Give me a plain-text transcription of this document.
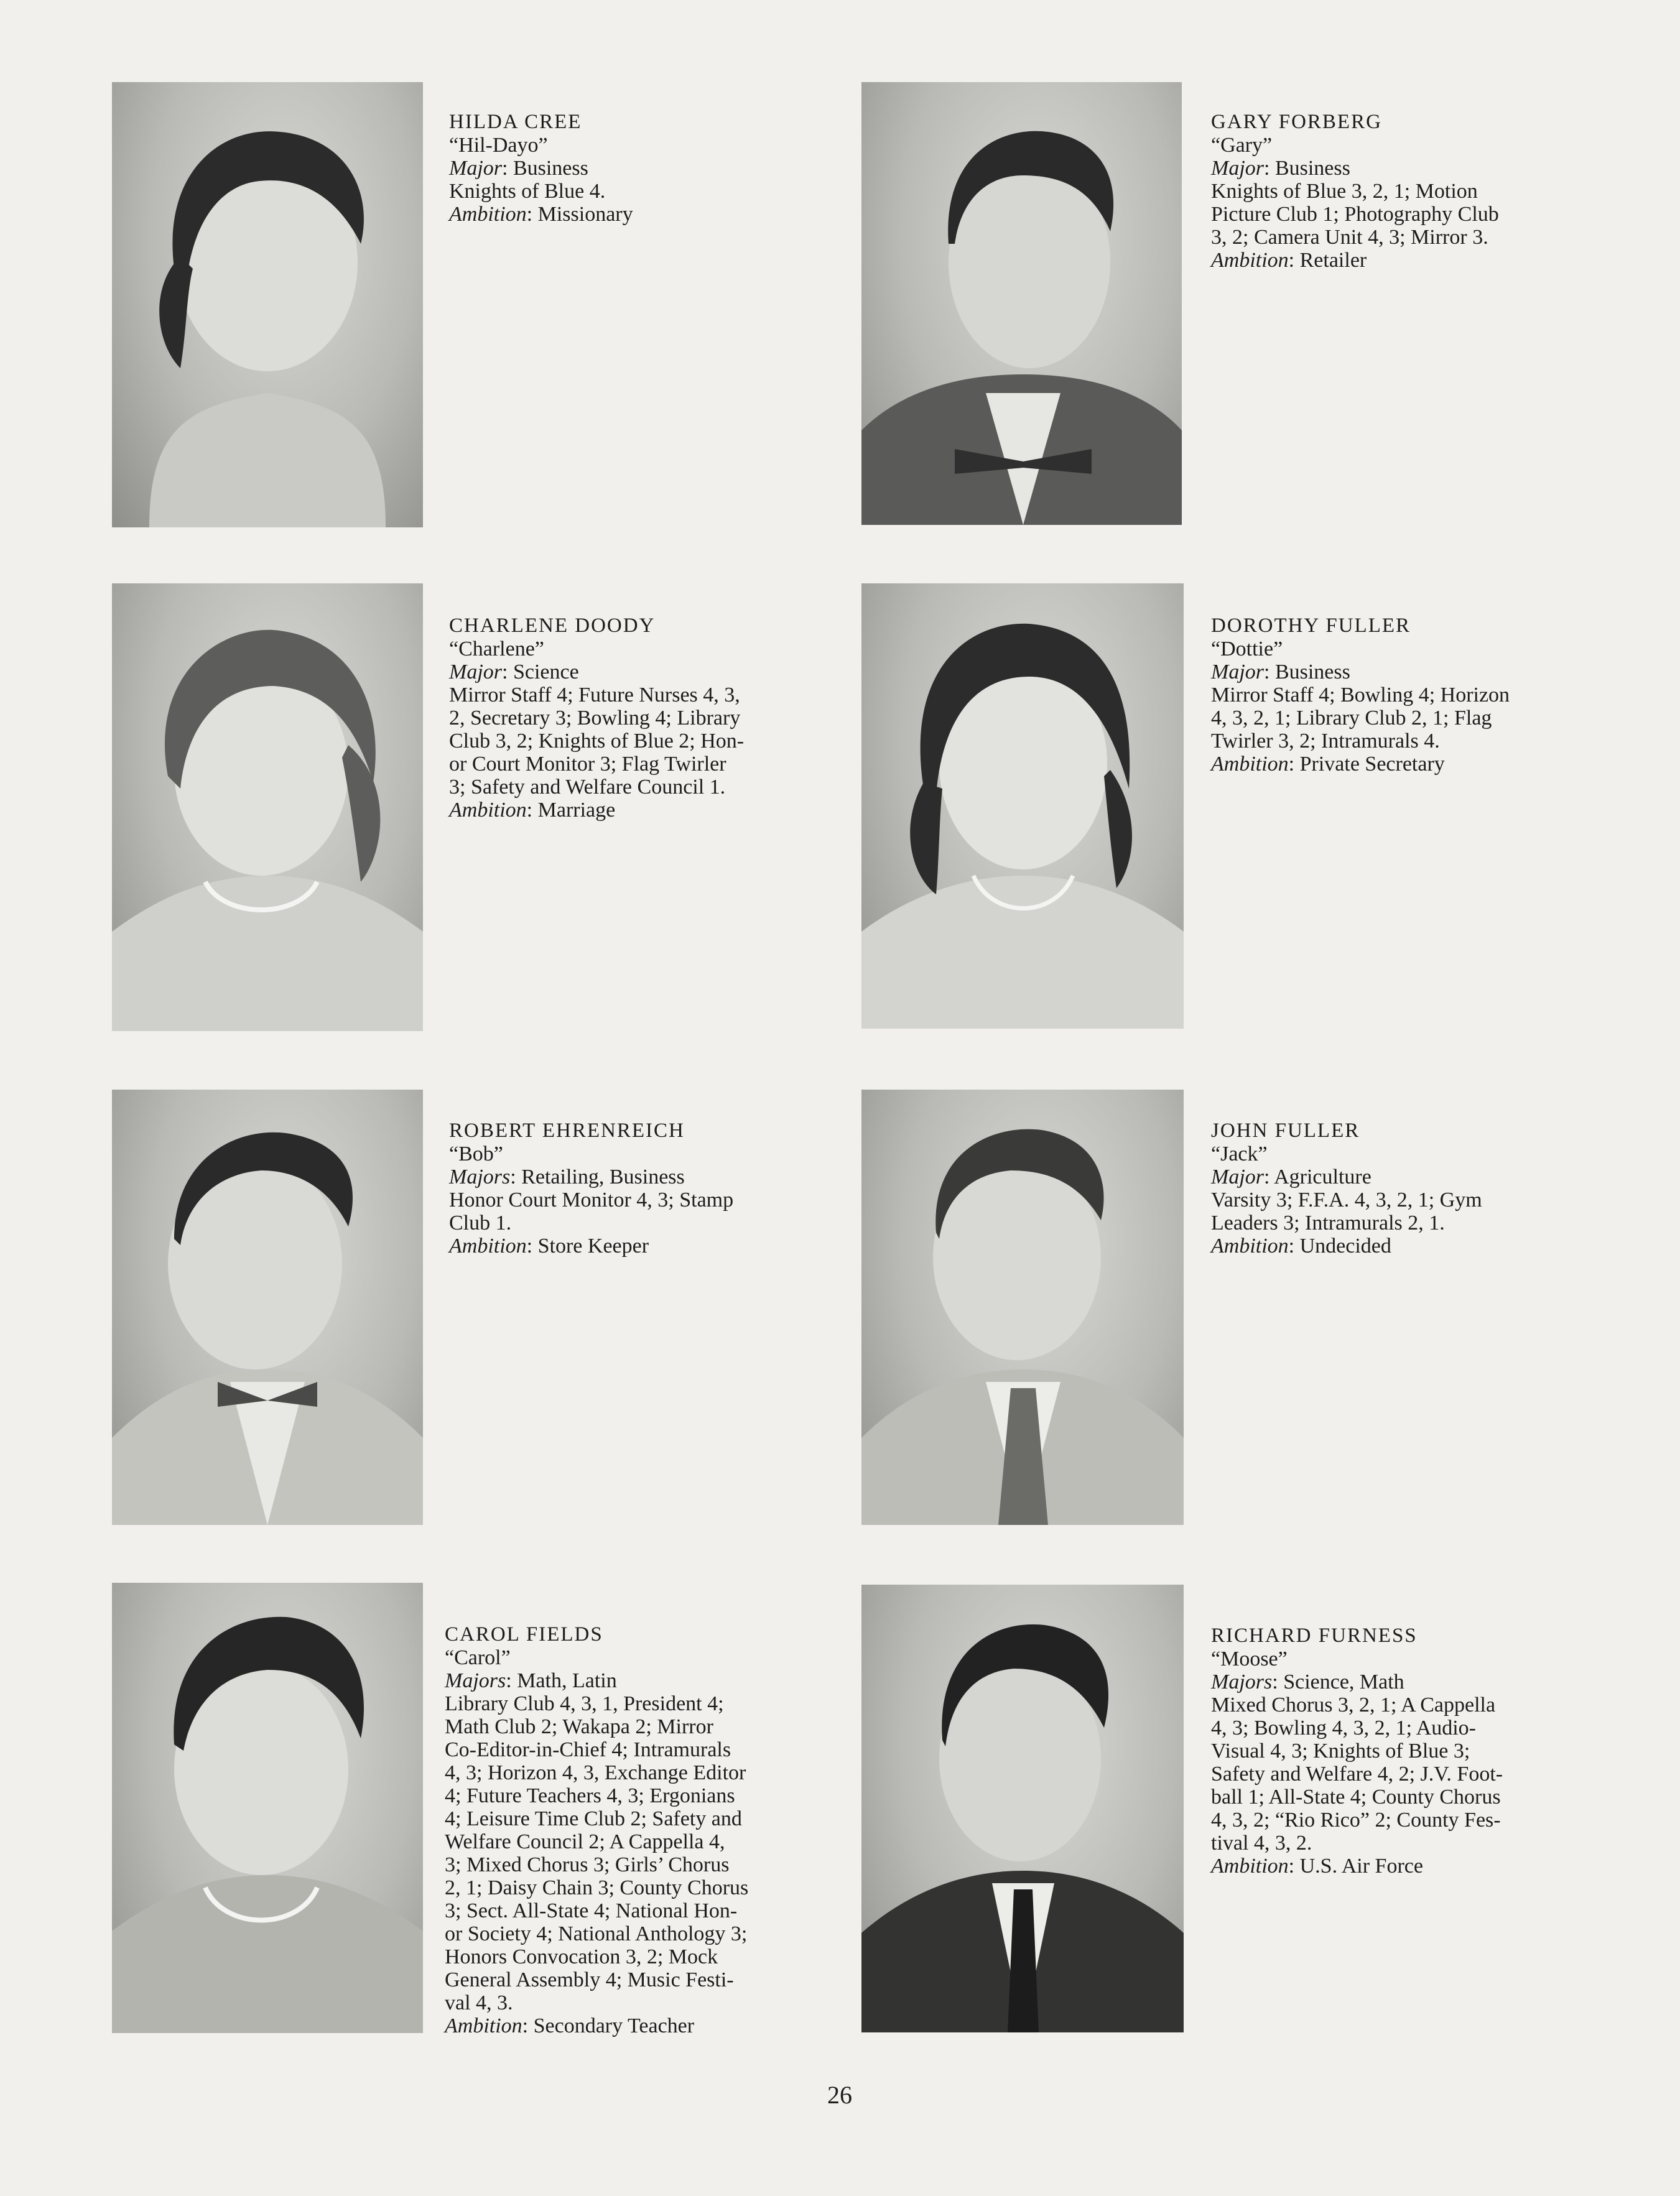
HILDA CREE
“Hil-Dayo”
Major: Business
Knights of Blue 4.
Ambition: Missionary
GARY FORBERG
“Gary”
Major: Business
Knights of Blue 3, 2, 1; Motion
Picture Club 1; Photography Club
3, 2; Camera Unit 4, 3; Mirror 3.
Ambition: Retailer
CHARLENE DOODY
“Charlene”
Major: Science
Mirror Staff 4; Future Nurses 4, 3,
2, Secretary 3; Bowling 4; Library
Club 3, 2; Knights of Blue 2; Hon-
or Court Monitor 3; Flag Twirler
3; Safety and Welfare Council 1.
Ambition: Marriage
DOROTHY FULLER
“Dottie”
Major: Business
Mirror Staff 4; Bowling 4; Horizon
4, 3, 2, 1; Library Club 2, 1; Flag
Twirler 3, 2; Intramurals 4.
Ambition: Private Secretary
ROBERT EHRENREICH
“Bob”
Majors: Retailing, Business
Honor Court Monitor 4, 3; Stamp
Club 1.
Ambition: Store Keeper
JOHN FULLER
“Jack”
Major: Agriculture
Varsity 3; F.F.A. 4, 3, 2, 1; Gym
Leaders 3; Intramurals 2, 1.
Ambition: Undecided
CAROL FIELDS
“Carol”
Majors: Math, Latin
Library Club 4, 3, 1, President 4;
Math Club 2; Wakapa 2; Mirror
Co-Editor-in-Chief 4; Intramurals
4, 3; Horizon 4, 3, Exchange Editor
4; Future Teachers 4, 3; Ergonians
4; Leisure Time Club 2; Safety and
Welfare Council 2; A Cappella 4,
3; Mixed Chorus 3; Girls’ Chorus
2, 1; Daisy Chain 3; County Chorus
3; Sect. All-State 4; National Hon-
or Society 4; National Anthology 3;
Honors Convocation 3, 2; Mock
General Assembly 4; Music Festi-
val 4, 3.
Ambition: Secondary Teacher
RICHARD FURNESS
“Moose”
Majors: Science, Math
Mixed Chorus 3, 2, 1; A Cappella
4, 3; Bowling 4, 3, 2, 1; Audio-
Visual 4, 3; Knights of Blue 3;
Safety and Welfare 4, 2; J.V. Foot-
ball 1; All-State 4; County Chorus
4, 3, 2; “Rio Rico” 2; County Fes-
tival 4, 3, 2.
Ambition: U.S. Air Force
26
